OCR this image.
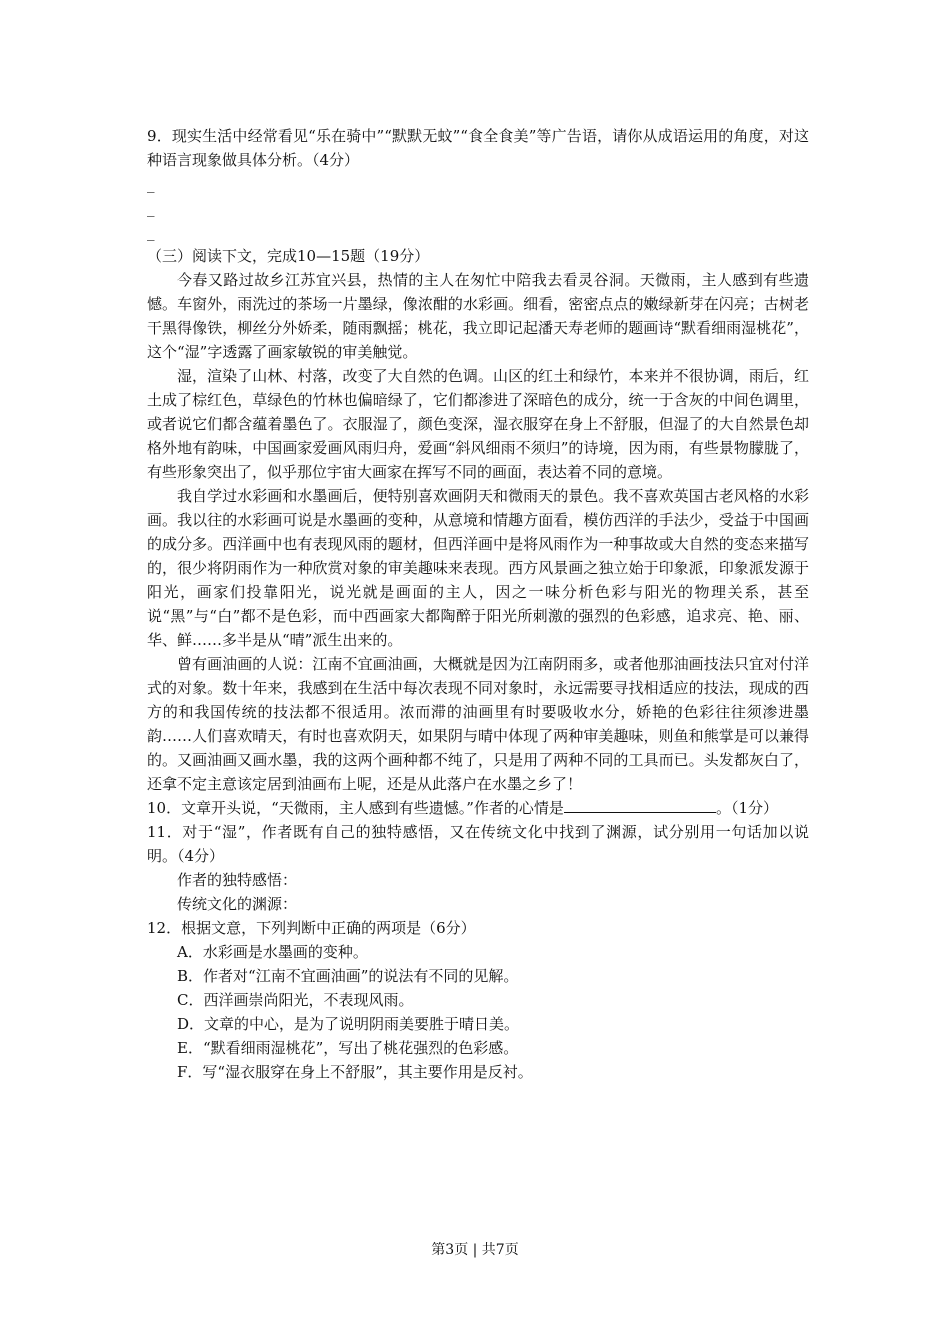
9．现实生活中经常看见“乐在骑中”“默默无蚊”“食全食美”等广告语，请你从成语运用的角度，对这种语言现象做具体分析。（4分）

_
_
_

（三）阅读下文，完成10—15题（19分）

今春又路过故乡江苏宜兴县，热情的主人在匆忙中陪我去看灵谷洞。天微雨，主人感到有些遗憾。车窗外，雨洗过的茶场一片墨绿，像浓酣的水彩画。细看，密密点点的嫩绿新芽在闪亮；古树老干黑得像铁，柳丝分外娇柔，随雨飘摇；桃花，我立即记起潘天寿老师的题画诗“默看细雨湿桃花”，这个“湿”字透露了画家敏锐的审美触觉。

湿，渲染了山林、村落，改变了大自然的色调。山区的红土和绿竹，本来并不很协调，雨后，红土成了棕红色，草绿色的竹林也偏暗绿了，它们都渗进了深暗色的成分，统一于含灰的中间色调里，或者说它们都含蕴着墨色了。衣服湿了，颜色变深，湿衣服穿在身上不舒服，但湿了的大自然景色却格外地有韵味，中国画家爱画风雨归舟，爱画“斜风细雨不须归”的诗境，因为雨，有些景物朦胧了，有些形象突出了，似乎那位宇宙大画家在挥写不同的画面，表达着不同的意境。

我自学过水彩画和水墨画后，便特别喜欢画阴天和微雨天的景色。我不喜欢英国古老风格的水彩画。我以往的水彩画可说是水墨画的变种，从意境和情趣方面看，模仿西洋的手法少，受益于中国画的成分多。西洋画中也有表现风雨的题材，但西洋画中是将风雨作为一种事故或大自然的变态来描写的，很少将阴雨作为一种欣赏对象的审美趣味来表现。西方风景画之独立始于印象派，印象派发源于阳光，画家们投靠阳光，说光就是画面的主人，因之一味分析色彩与阳光的物理关系，甚至说“黑”与“白”都不是色彩，而中西画家大都陶醉于阳光所刺激的强烈的色彩感，追求亮、艳、丽、华、鲜……多半是从“晴”派生出来的。

曾有画油画的人说：江南不宜画油画，大概就是因为江南阴雨多，或者他那油画技法只宜对付洋式的对象。数十年来，我感到在生活中每次表现不同对象时，永远需要寻找相适应的技法，现成的西方的和我国传统的技法都不很适用。浓而滞的油画里有时要吸收水分，娇艳的色彩往往须渗进墨韵……人们喜欢晴天，有时也喜欢阴天，如果阴与晴中体现了两种审美趣味，则鱼和熊掌是可以兼得的。又画油画又画水墨，我的这两个画种都不纯了，只是用了两种不同的工具而已。头发都灰白了，还拿不定主意该定居到油画布上呢，还是从此落户在水墨之乡了！

10．文章开头说，“天微雨，主人感到有些遗憾。”作者的心情是	。（1分）

11．对于“湿”，作者既有自己的独特感悟，又在传统文化中找到了渊源，试分别用一句话加以说明。（4分）

作者的独特感悟：

传统文化的渊源：

12．根据文意，下列判断中正确的两项是（6分）

A．水彩画是水墨画的变种。

B．作者对“江南不宜画油画”的说法有不同的见解。

C．西洋画崇尚阳光，不表现风雨。

D．文章的中心，是为了说明阴雨美要胜于晴日美。

E．“默看细雨湿桃花”，写出了桃花强烈的色彩感。

F．写“湿衣服穿在身上不舒服”，其主要作用是反衬。

第3页 | 共7页
